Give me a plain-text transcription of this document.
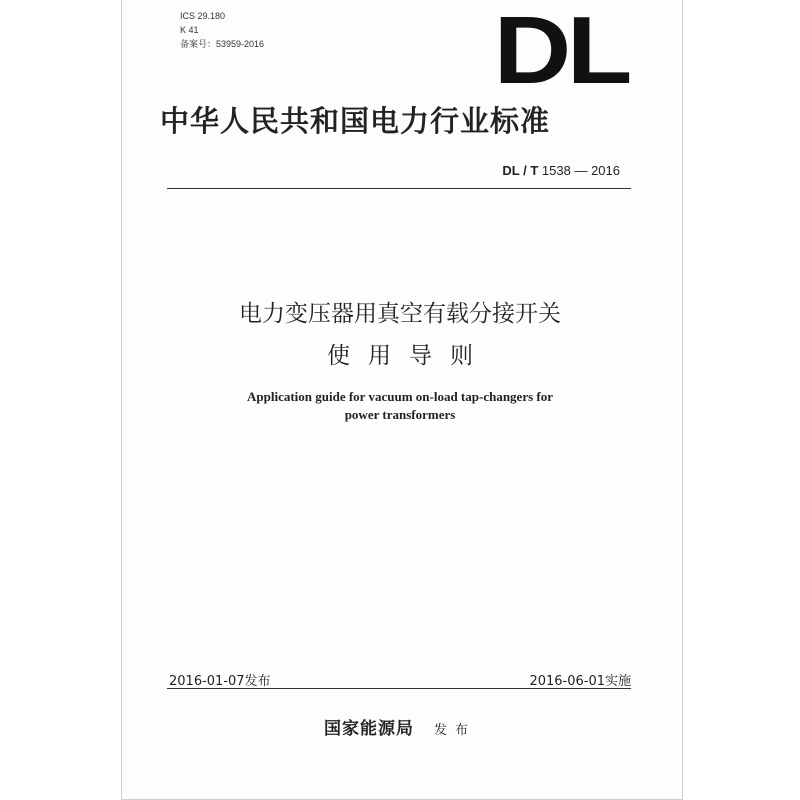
ICS 29.180
K 41
备案号：53959-2016 DL
中华人民共和国电力行业标准
DL / T 1538 — 2016
电力变压器用真空有载分接开关
使用导则
Application guide for vacuum on-load tap-changers for
power transformers
2016-01-07发布	2016-06-01实施
国家能源局 发布
